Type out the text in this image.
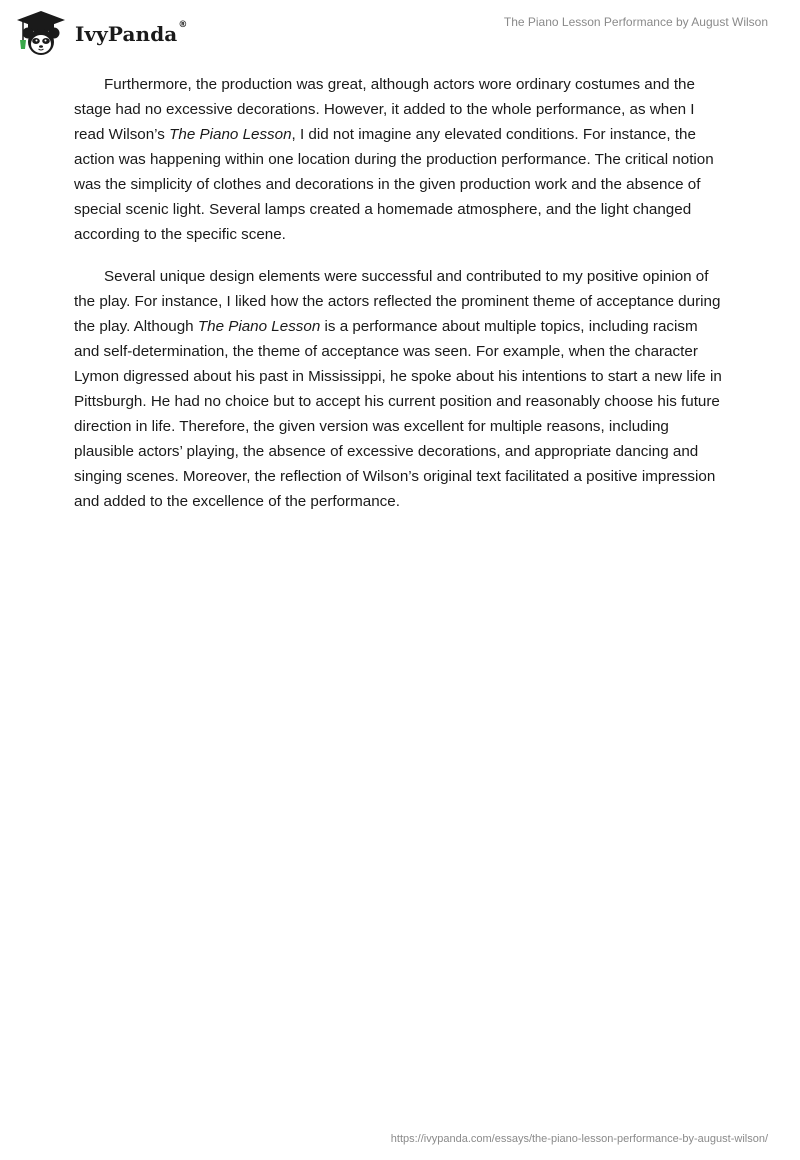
IvyPanda®	The Piano Lesson Performance by August Wilson

Furthermore, the production was great, although actors wore ordinary costumes and the stage had no excessive decorations. However, it added to the whole performance, as when I read Wilson’s The Piano Lesson, I did not imagine any elevated conditions. For instance, the action was happening within one location during the production performance. The critical notion was the simplicity of clothes and decorations in the given production work and the absence of special scenic light. Several lamps created a homemade atmosphere, and the light changed according to the specific scene.

Several unique design elements were successful and contributed to my positive opinion of the play. For instance, I liked how the actors reflected the prominent theme of acceptance during the play. Although The Piano Lesson is a performance about multiple topics, including racism and self-determination, the theme of acceptance was seen. For example, when the character Lymon digressed about his past in Mississippi, he spoke about his intentions to start a new life in Pittsburgh. He had no choice but to accept his current position and reasonably choose his future direction in life. Therefore, the given version was excellent for multiple reasons, including plausible actors’ playing, the absence of excessive decorations, and appropriate dancing and singing scenes. Moreover, the reflection of Wilson’s original text facilitated a positive impression and added to the excellence of the performance.

https://ivypanda.com/essays/the-piano-lesson-performance-by-august-wilson/
